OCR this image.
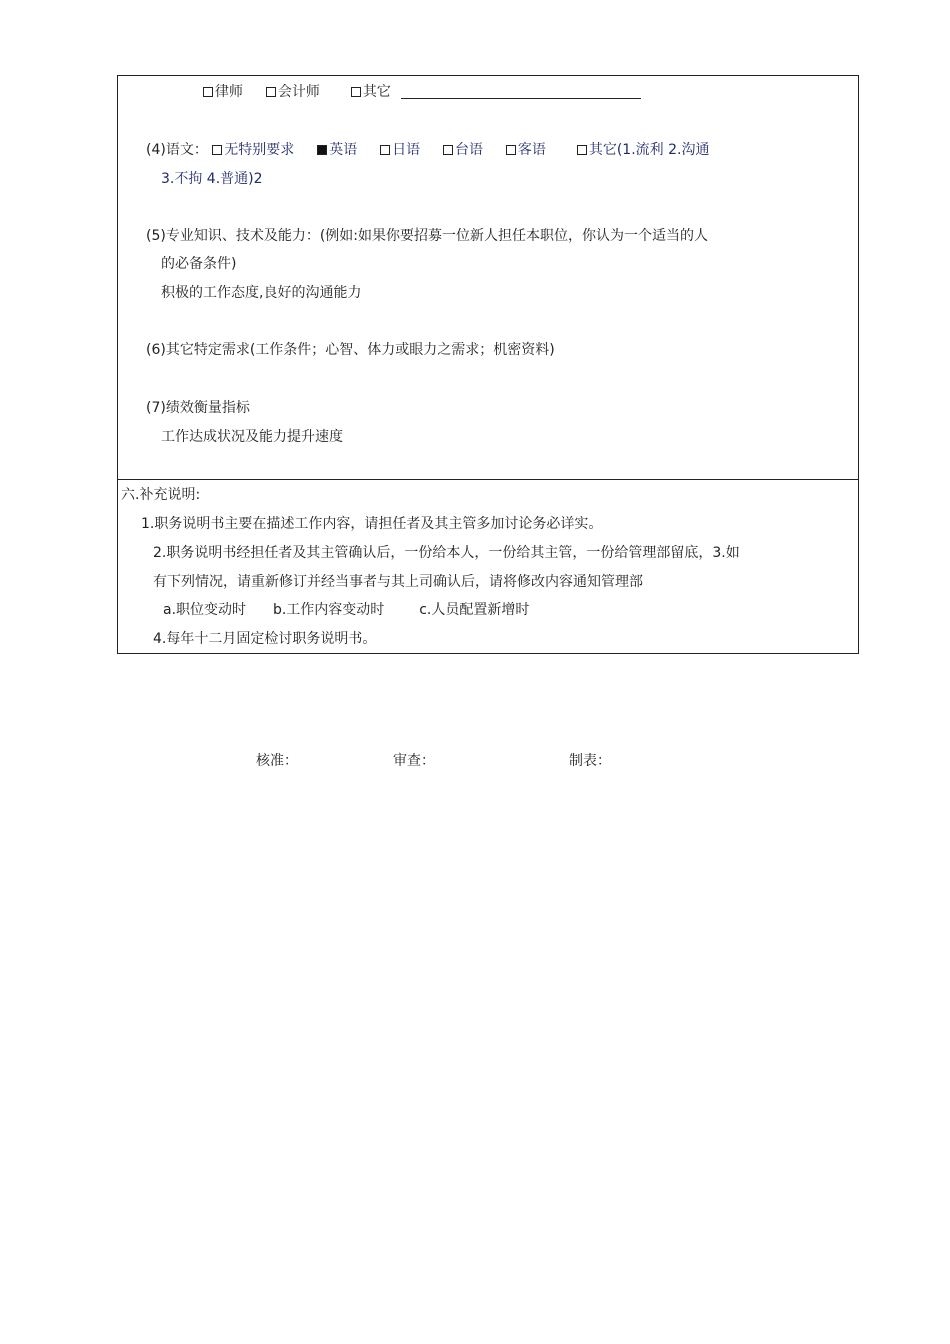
律师 会计师	其它
(4)语文： 无特别要求 英语 日语 台语 客语	其它(1.流利 2.沟通
3.不拘 4.普通)2
(5)专业知识、技术及能力：(例如:如果你要招募一位新人担任本职位，你认为一个适当的人
的必备条件)
积极的工作态度,良好的沟通能力
(6)其它特定需求(工作条件；心智、体力或眼力之需求；机密资料)
(7)绩效衡量指标
工作达成状况及能力提升速度
六.补充说明:
1.职务说明书主要在描述工作内容，请担任者及其主管多加讨论务必详实。
2.职务说明书经担任者及其主管确认后，一份给本人，一份给其主管，一份给管理部留底，3.如
有下列情况，请重新修订并经当事者与其上司确认后，请将修改内容通知管理部
a.职位变动时 b.工作内容变动时 c.人员配置新增时
4.每年十二月固定检讨职务说明书。
核准：	审查：	制表：
